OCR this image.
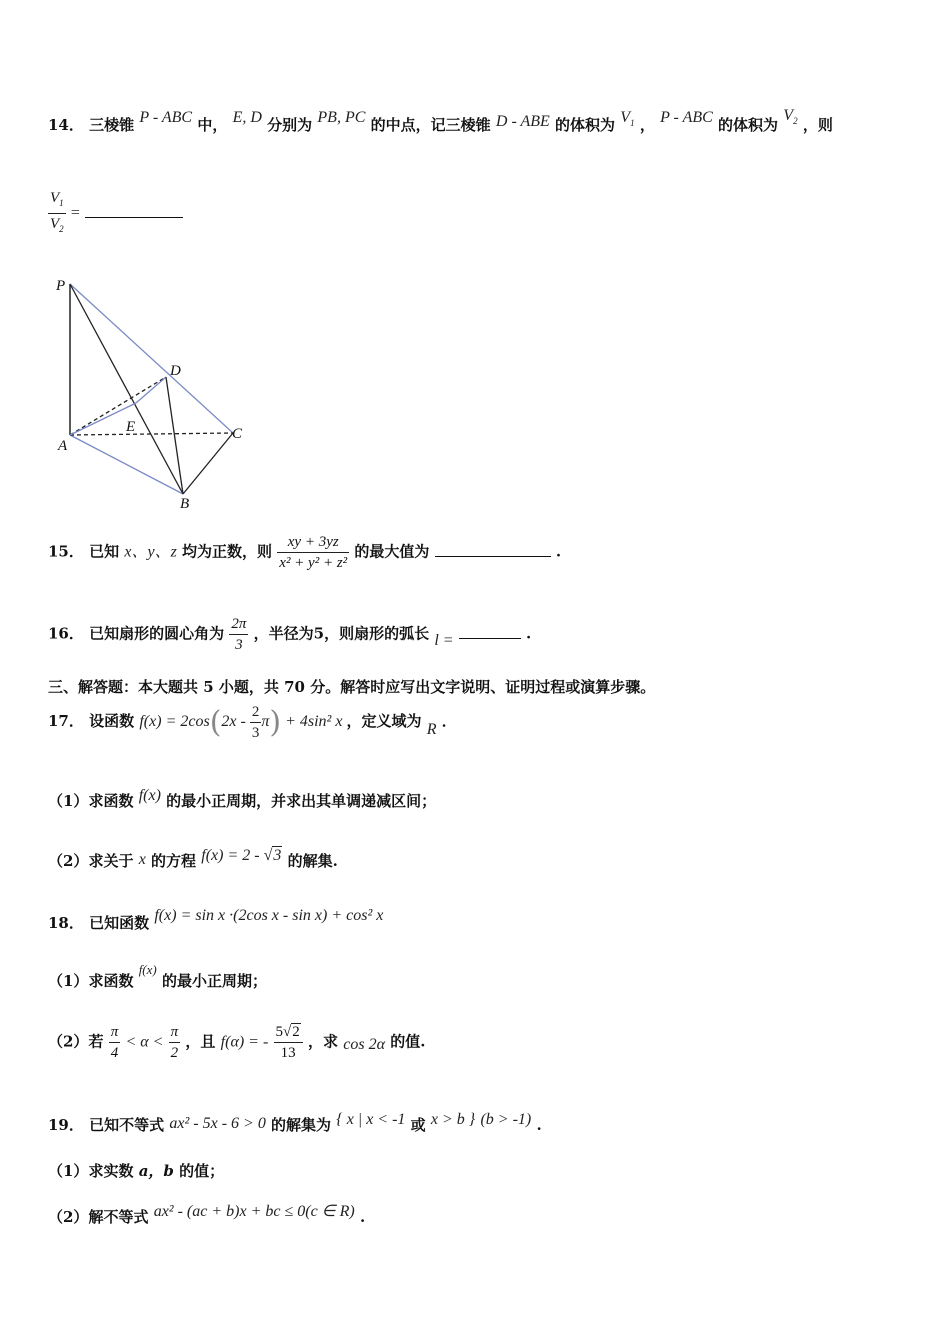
14． 三棱锥 P - ABC 中， E, D 分别为 PB, PC 的中点，记三棱锥 D - ABE 的体积为 $V_1$ ， P - ABC 的体积为 $V_2$ ，则
$\frac{V_1}{V_2}$ =
P
D
E
A
C
B
15． 已知 x、y、z 均为正数，则 $\frac{xy + 3yz}{\text{x² + y² + z²}}$ 的最大值为	.
16． 已知扇形的圆心角为 $\frac{2\pi}{3}$ ，半径为5，则扇形的弧长 l =	.
三、解答题：本大题共 5 小题，共 70 分。解答时应写出文字说明、证明过程或演算步骤。
17． 设函数 $f(x) = 2\cos(2x - \frac{2}{3} \pi) + 4\sin^2$ x ，定义域为 R ．
（1）求函数 f(x) 的最小正周期，并求出其单调递减区间；
（2）求关于 x 的方程 f(x) = 2 - √3 的解集.
18． 已知函数 f(x) = sin x ·(2cos x - sin x) + cos² x
（1）求函数 f(x) 的最小正周期；
（2）若 $\frac{\pi}{4} < \alpha < \frac{\pi}{2}$ ，且 f(α) = - $\frac{5√2}{13}$ ，求 cos 2α 的值.
19． 已知不等式 ax² - 5x - 6 > 0 的解集为 { x | x < -1 或 x > b } (b > -1) .
（1）求实数 a，b 的值；
（2）解不等式 ax² - (ac + b)x + bc ≤ 0(c ∈ R) .
